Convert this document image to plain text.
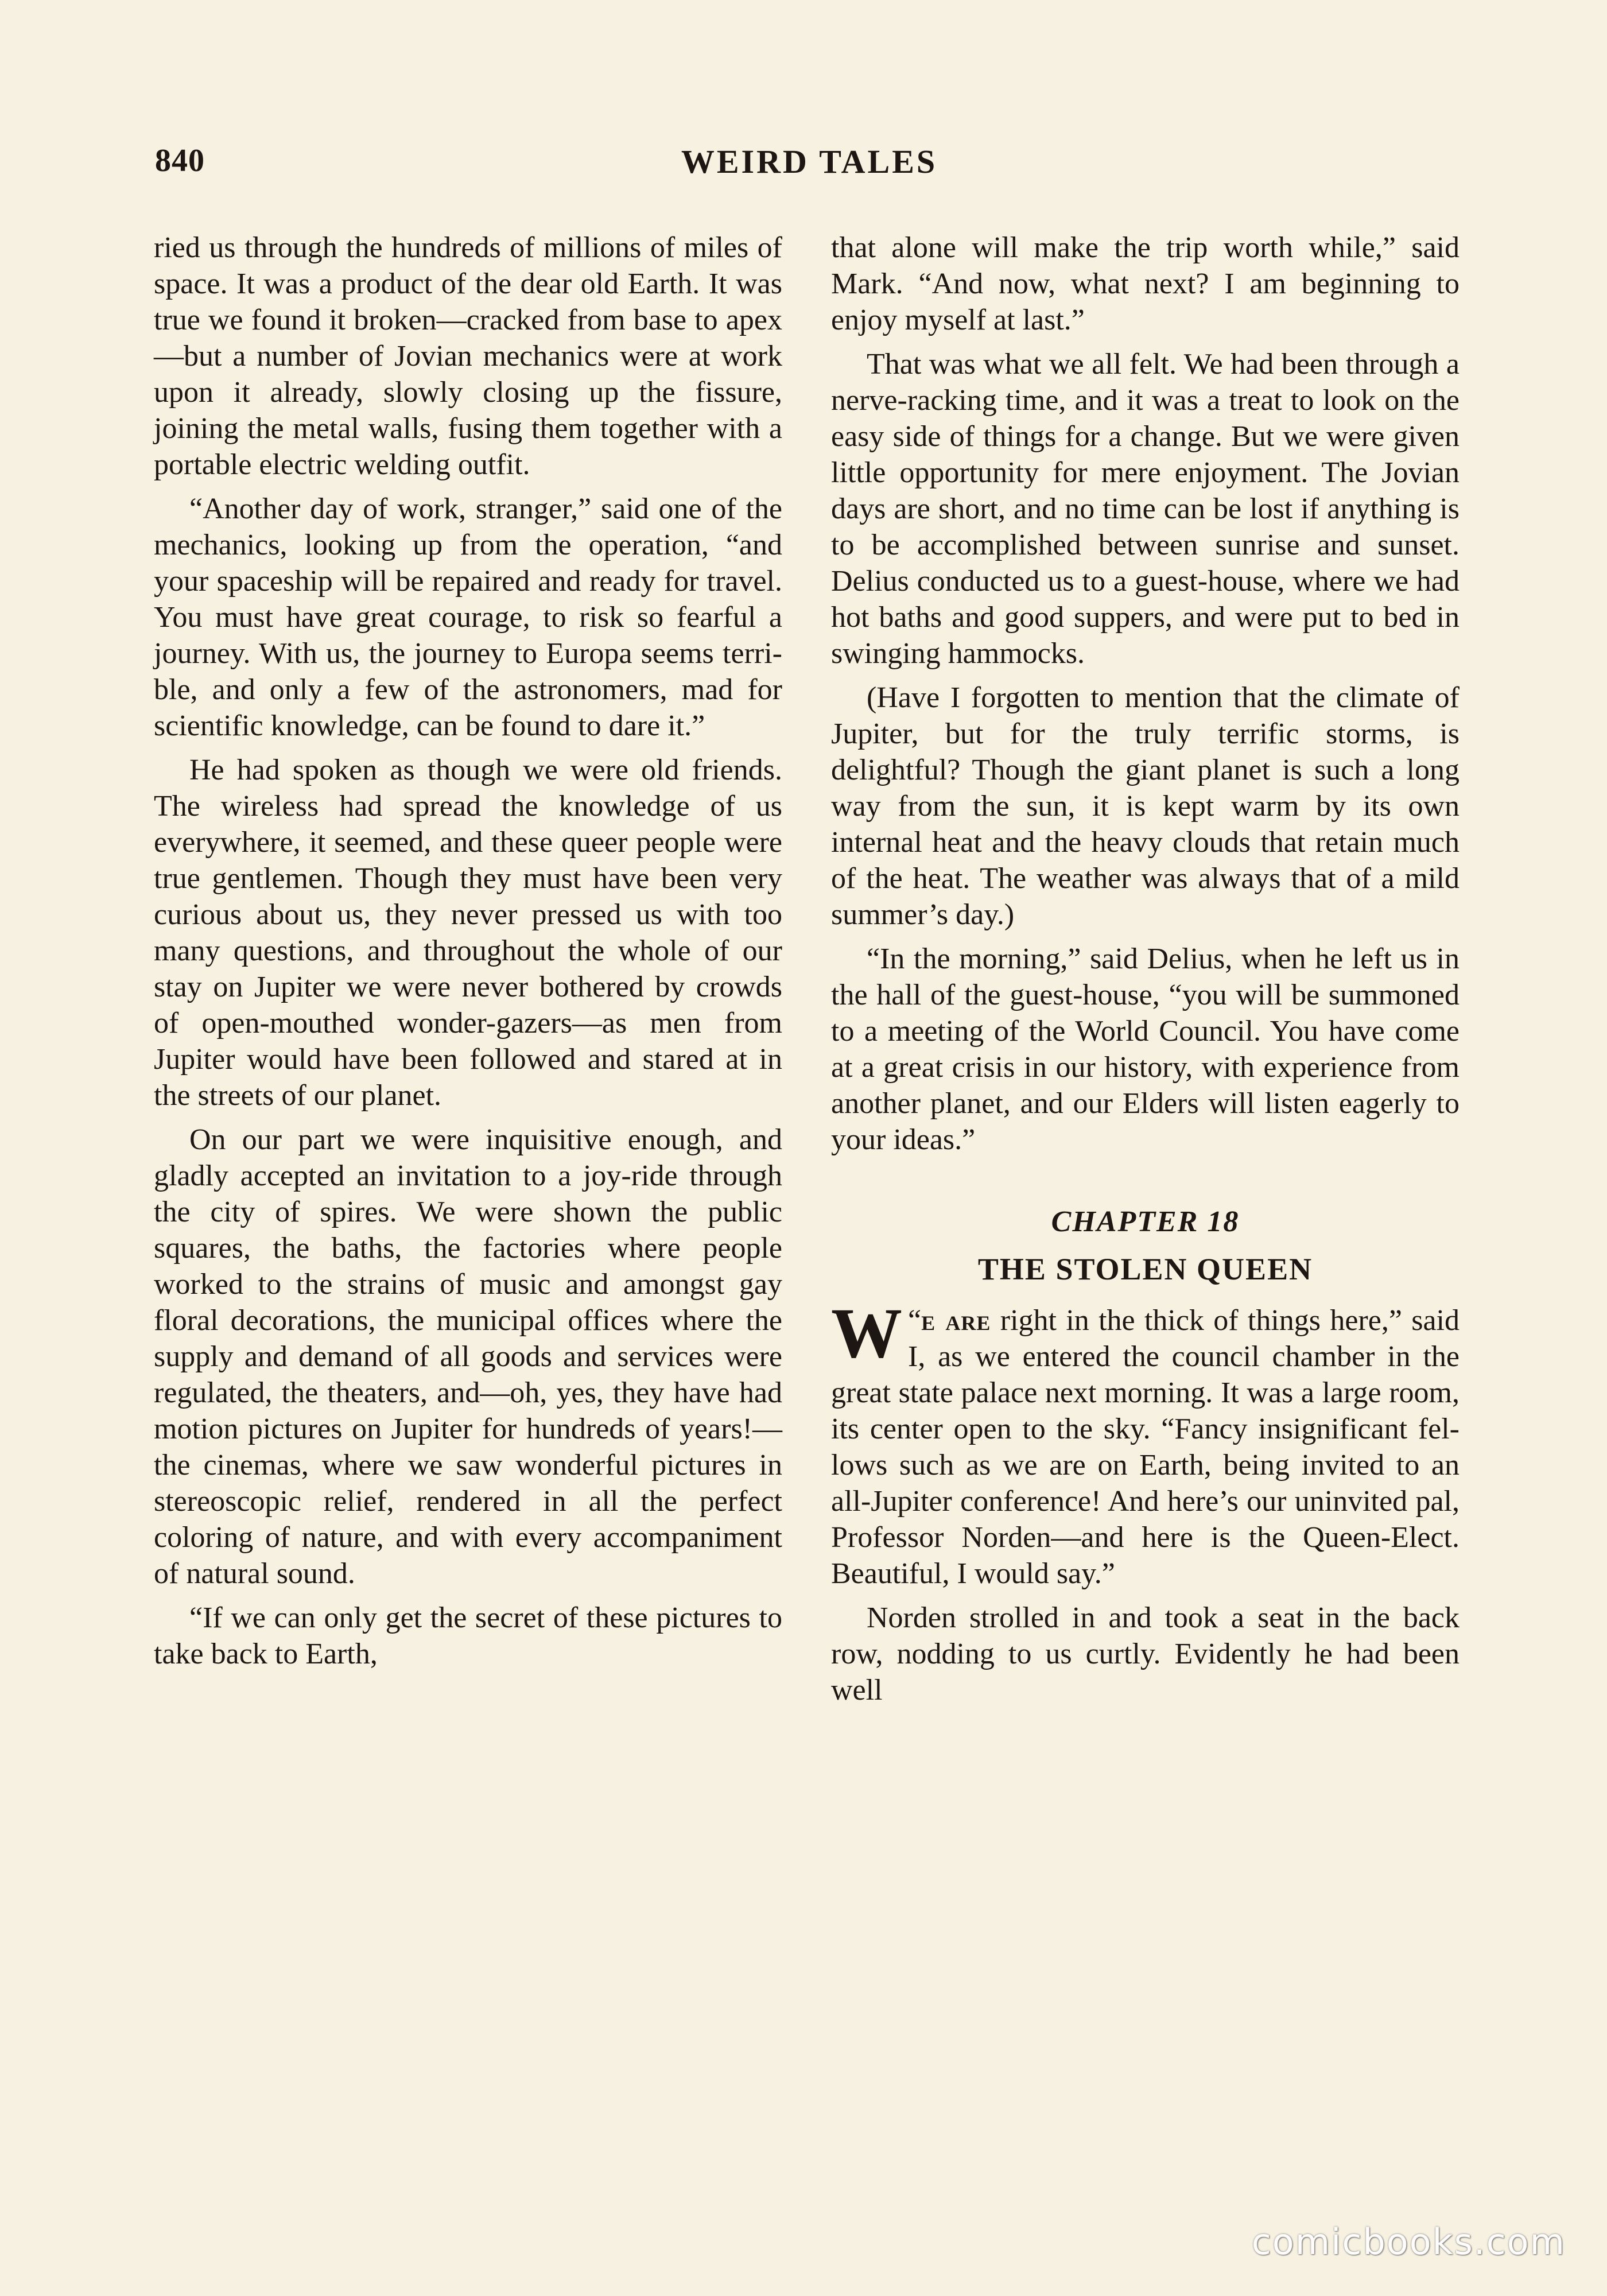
840	WEIRD TALES

ried us through the hundreds of millions of miles of space. It was a product of the dear old Earth. It was true we found it broken—cracked from base to apex—but a number of Jovian mechanics were at work upon it already, slowly closing up the fissure, joining the metal walls, fusing them together with a portable electric welding outfit.

“Another day of work, stranger,” said one of the mechanics, looking up from the operation, “and your spaceship will be repaired and ready for travel. You must have great courage, to risk so fearful a journey. With us, the journey to Europa seems terrible, and only a few of the astronomers, mad for scientific knowledge, can be found to dare it.”

He had spoken as though we were old friends. The wireless had spread the knowledge of us everywhere, it seemed, and these queer people were true gentlemen. Though they must have been very curious about us, they never pressed us with too many questions, and throughout the whole of our stay on Jupiter we were never bothered by crowds of open-mouthed wonder-gazers—as men from Jupiter would have been followed and stared at in the streets of our planet.

On our part we were inquisitive enough, and gladly accepted an invitation to a joy-ride through the city of spires. We were shown the public squares, the baths, the factories where people worked to the strains of music and amongst gay floral decorations, the municipal offices where the supply and demand of all goods and services were regulated, the theaters, and—oh, yes, they have had motion pictures on Jupiter for hundreds of years!—the cinemas, where we saw wonderful pictures in stereoscopic relief, rendered in all the perfect coloring of nature, and with every accompaniment of natural sound.

“If we can only get the secret of these pictures to take back to Earth,

that alone will make the trip worth while,” said Mark. “And now, what next? I am beginning to enjoy myself at last.”

That was what we all felt. We had been through a nerve-racking time, and it was a treat to look on the easy side of things for a change. But we were given little opportunity for mere enjoyment. The Jovian days are short, and no time can be lost if anything is to be accomplished between sunrise and sunset. Delius conducted us to a guest-house, where we had hot baths and good suppers, and were put to bed in swinging hammocks.

(Have I forgotten to mention that the climate of Jupiter, but for the truly terrific storms, is delightful? Though the giant planet is such a long way from the sun, it is kept warm by its own internal heat and the heavy clouds that retain much of the heat. The weather was always that of a mild summer’s day.)

“In the morning,” said Delius, when he left us in the hall of the guest-house, “you will be summoned to a meeting of the World Council. You have come at a great crisis in our history, with experience from another planet, and our Elders will listen eagerly to your ideas.”

CHAPTER 18
THE STOLEN QUEEN

“
W e are right in the thick of things here,” said I, as we entered the council chamber in the great state palace next morning. It was a large room, its center open to the sky. “Fancy insignificant fellows such as we are on Earth, being invited to an all-Jupiter conference! And here’s our uninvited pal, Professor Norden—and here is the Queen-Elect. Beautiful, I would say.”

Norden strolled in and took a seat in the back row, nodding to us curtly. Evidently he had been well

comicbooks.com
